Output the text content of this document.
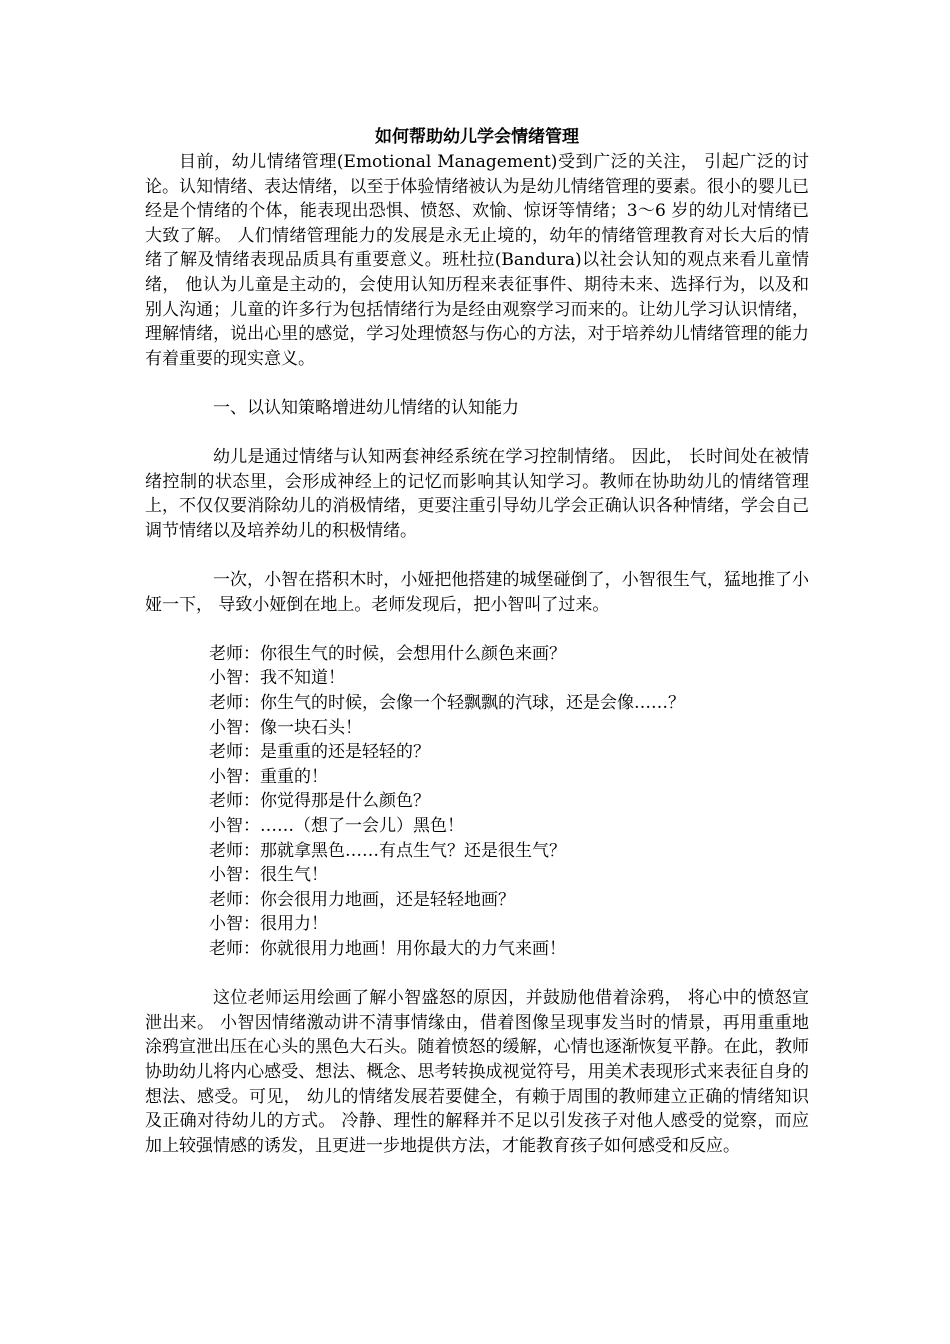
如何帮助幼儿学会情绪管理

目前，幼儿情绪管理(Emotional Management)受到广泛的关注， 引起广泛的讨论。认知情绪、表达情绪，以至于体验情绪被认为是幼儿情绪管理的要素。很小的婴儿已经是个情绪的个体，能表现出恐惧、愤怒、欢愉、惊讶等情绪；3～6 岁的幼儿对情绪已大致了解。 人们情绪管理能力的发展是永无止境的，幼年的情绪管理教育对长大后的情绪了解及情绪表现品质具有重要意义。班杜拉(Bandura)以社会认知的观点来看儿童情绪， 他认为儿童是主动的，会使用认知历程来表征事件、期待未来、选择行为，以及和别人沟通；儿童的许多行为包括情绪行为是经由观察学习而来的。让幼儿学习认识情绪，理解情绪，说出心里的感觉，学习处理愤怒与伤心的方法，对于培养幼儿情绪管理的能力有着重要的现实意义。

一、以认知策略增进幼儿情绪的认知能力

幼儿是通过情绪与认知两套神经系统在学习控制情绪。 因此， 长时间处在被情绪控制的状态里，会形成神经上的记忆而影响其认知学习。教师在协助幼儿的情绪管理上，不仅仅要消除幼儿的消极情绪，更要注重引导幼儿学会正确认识各种情绪，学会自己调节情绪以及培养幼儿的积极情绪。

一次，小智在搭积木时，小娅把他搭建的城堡碰倒了，小智很生气，猛地推了小娅一下， 导致小娅倒在地上。老师发现后，把小智叫了过来。

老师：你很生气的时候，会想用什么颜色来画？
小智：我不知道！
老师：你生气的时候，会像一个轻飘飘的汽球，还是会像……？
小智：像一块石头！
老师：是重重的还是轻轻的？
小智：重重的！
老师：你觉得那是什么颜色？
小智：……（想了一会儿）黑色！
老师：那就拿黑色……有点生气？还是很生气？
小智：很生气！
老师：你会很用力地画，还是轻轻地画？
小智：很用力！
老师：你就很用力地画！用你最大的力气来画！

这位老师运用绘画了解小智盛怒的原因，并鼓励他借着涂鸦， 将心中的愤怒宣泄出来。 小智因情绪激动讲不清事情缘由，借着图像呈现事发当时的情景，再用重重地涂鸦宣泄出压在心头的黑色大石头。随着愤怒的缓解，心情也逐渐恢复平静。在此，教师协助幼儿将内心感受、想法、概念、思考转换成视觉符号，用美术表现形式来表征自身的想法、感受。可见， 幼儿的情绪发展若要健全，有赖于周围的教师建立正确的情绪知识及正确对待幼儿的方式。 冷静、理性的解释并不足以引发孩子对他人感受的觉察，而应加上较强情感的诱发，且更进一步地提供方法，才能教育孩子如何感受和反应。
